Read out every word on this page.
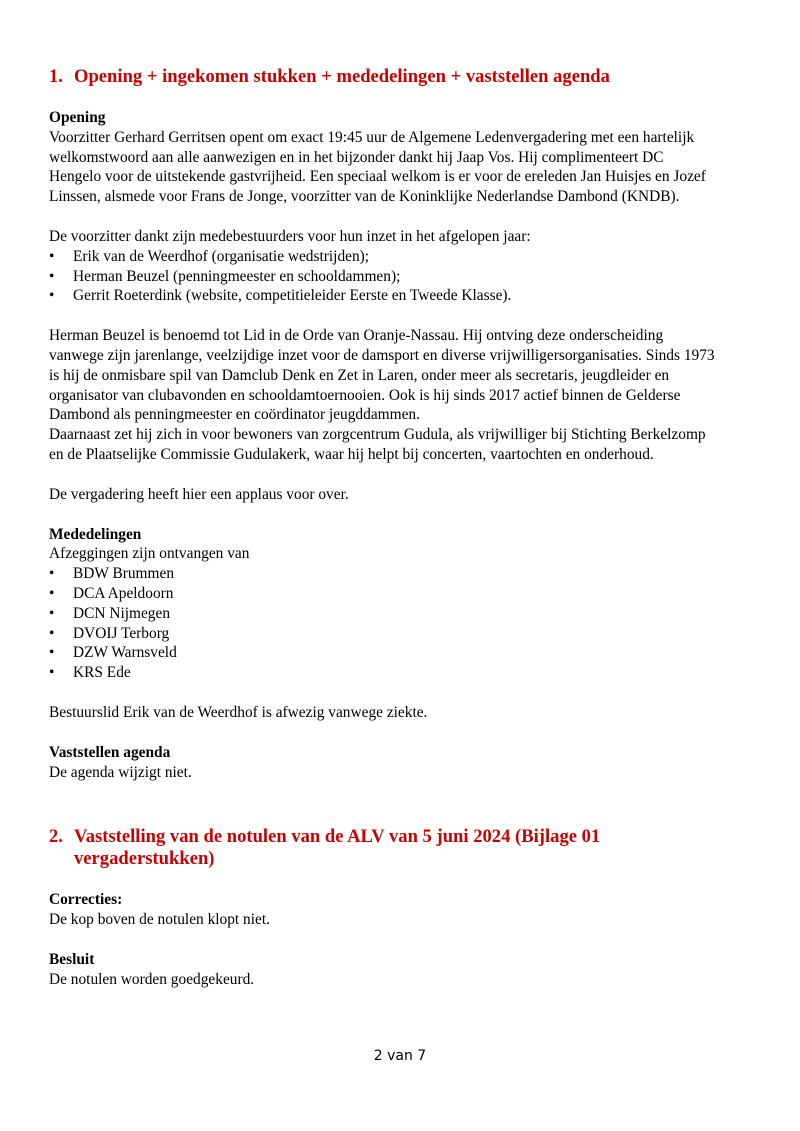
1. Opening + ingekomen stukken + mededelingen + vaststellen agenda

Opening

Voorzitter Gerhard Gerritsen opent om exact 19:45 uur de Algemene Ledenvergadering met een hartelijk
welkomstwoord aan alle aanwezigen en in het bijzonder dankt hij Jaap Vos. Hij complimenteert DC
Hengelo voor de uitstekende gastvrijheid. Een speciaal welkom is er voor de ereleden Jan Huisjes en Jozef
Linssen, alsmede voor Frans de Jonge, voorzitter van de Koninklijke Nederlandse Dambond (KNDB).

De voorzitter dankt zijn medebestuurders voor hun inzet in het afgelopen jaar:

• Erik van de Weerdhof (organisatie wedstrijden);
• Herman Beuzel (penningmeester en schooldammen);
• Gerrit Roeterdink (website, competitieleider Eerste en Tweede Klasse).

Herman Beuzel is benoemd tot Lid in de Orde van Oranje-Nassau. Hij ontving deze onderscheiding
vanwege zijn jarenlange, veelzijdige inzet voor de damsport en diverse vrijwilligersorganisaties. Sinds 1973
is hij de onmisbare spil van Damclub Denk en Zet in Laren, onder meer als secretaris, jeugdleider en
organisator van clubavonden en schooldamtoernooien. Ook is hij sinds 2017 actief binnen de Gelderse
Dambond als penningmeester en coördinator jeugddammen.
Daarnaast zet hij zich in voor bewoners van zorgcentrum Gudula, als vrijwilliger bij Stichting Berkelzomp
en de Plaatselijke Commissie Gudulakerk, waar hij helpt bij concerten, vaartochten en onderhoud.

De vergadering heeft hier een applaus voor over.

Mededelingen

Afzeggingen zijn ontvangen van

• BDW Brummen
• DCA Apeldoorn
• DCN Nijmegen
• DVOIJ Terborg
• DZW Warnsveld
• KRS Ede

Bestuurslid Erik van de Weerdhof is afwezig vanwege ziekte.

Vaststellen agenda

De agenda wijzigt niet.

2. Vaststelling van de notulen van de ALV van 5 juni 2024 (Bijlage 01
vergaderstukken)

Correcties:

De kop boven de notulen klopt niet.

Besluit

De notulen worden goedgekeurd.

2 van 7
